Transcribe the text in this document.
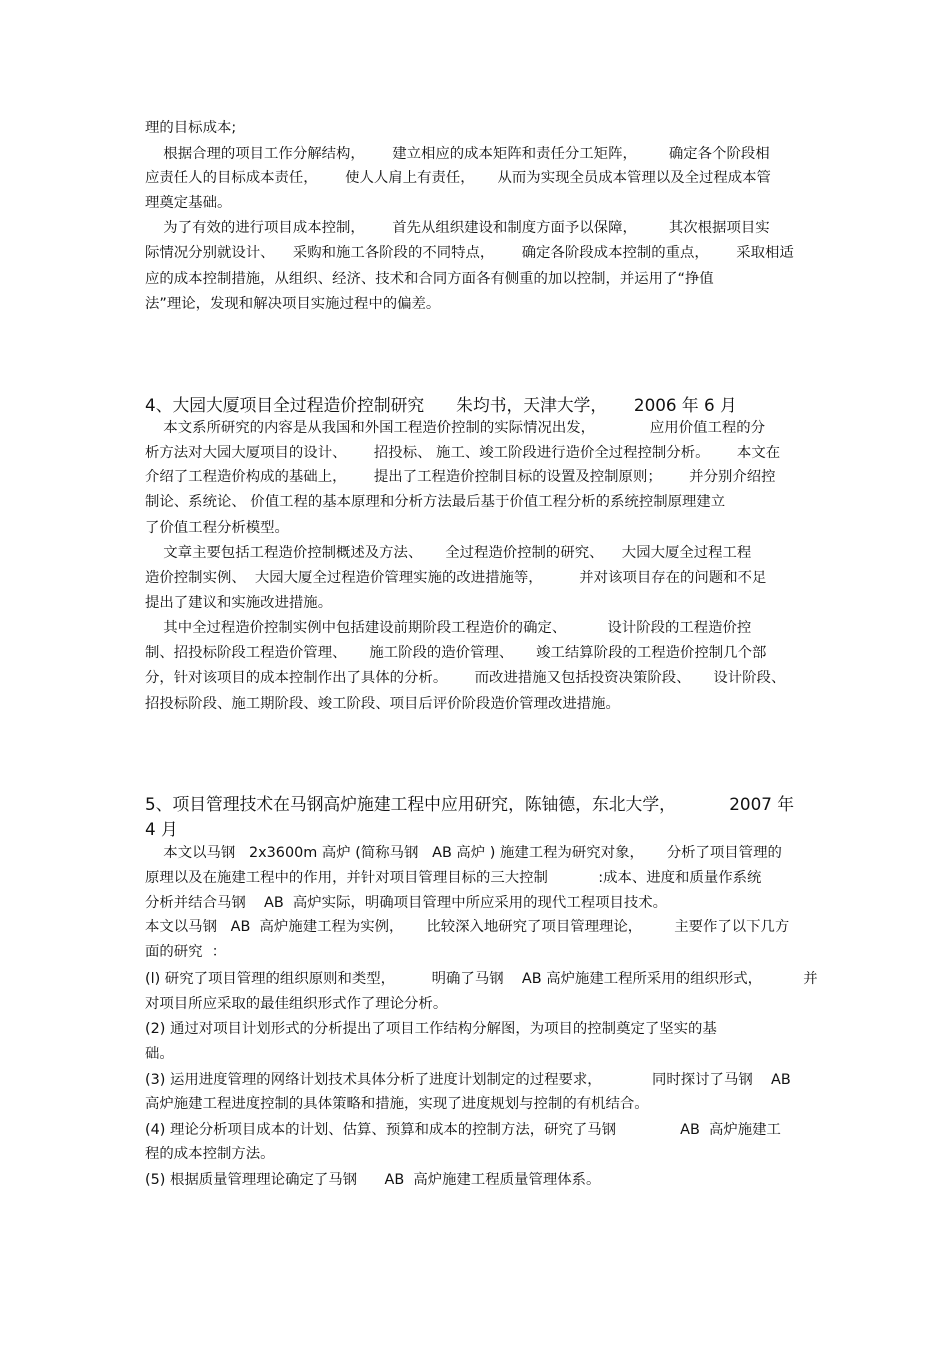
理的目标成本;
根据合理的项目工作分解结构，      建立相应的成本矩阵和责任分工矩阵，       确定各个阶段相
应责任人的目标成本责任，      使人人肩上有责任，     从而为实现全员成本管理以及全过程成本管
理奠定基础。
为了有效的进行项目成本控制，      首先从组织建设和制度方面予以保障，       其次根据项目实
际情况分别就设计、    采购和施工各阶段的不同特点，      确定各阶段成本控制的重点，      采取相适
应的成本控制措施，从组织、经济、技术和合同方面各有侧重的加以控制，并运用了“挣值
法”理论，发现和解决项目实施过程中的偏差。
4、大园大厦项目全过程造价控制研究      朱均书，天津大学，     2006 年 6 月
本文系所研究的内容是从我国和外国工程造价控制的实际情况出发，            应用价值工程的分
析方法对大园大厦项目的设计、      招投标、 施工、竣工阶段进行造价全过程控制分析。      本文在
介绍了工程造价构成的基础上，      提出了工程造价控制目标的设置及控制原则；      并分别介绍控
制论、系统论、 价值工程的基本原理和分析方法最后基于价值工程分析的系统控制原理建立
了价值工程分析模型。
文章主要包括工程造价控制概述及方法、     全过程造价控制的研究、    大园大厦全过程工程
造价控制实例、  大园大厦全过程造价管理实施的改进措施等，        并对该项目存在的问题和不足
提出了建议和实施改进措施。
其中全过程造价控制实例中包括建设前期阶段工程造价的确定、         设计阶段的工程造价控
制、招投标阶段工程造价管理、     施工阶段的造价管理、     竣工结算阶段的工程造价控制几个部
分，针对该项目的成本控制作出了具体的分析。      而改进措施又包括投资决策阶段、     设计阶段、
招投标阶段、施工期阶段、竣工阶段、项目后评价阶段造价管理改进措施。
5、项目管理技术在马钢高炉施建工程中应用研究，陈铀德，东北大学，          2007 年
4 月
本文以马钢   2x3600m 高炉 (简称马钢   AB 高炉 ) 施建工程为研究对象，     分析了项目管理的
原理以及在施建工程中的作用，并针对项目管理目标的三大控制           :成本、进度和质量作系统
分析并结合马钢    AB  高炉实际，明确项目管理中所应采用的现代工程项目技术。
本文以马钢   AB  高炉施建工程为实例，     比较深入地研究了项目管理理论，       主要作了以下几方
面的研究  ：
(l) 研究了项目管理的组织原则和类型，        明确了马钢    AB 高炉施建工程所采用的组织形式，         并
对项目所应采取的最佳组织形式作了理论分析。
(2) 通过对项目计划形式的分析提出了项目工作结构分解图，为项目的控制奠定了坚实的基
础。
(3) 运用进度管理的网络计划技术具体分析了进度计划制定的过程要求，           同时探讨了马钢    AB
高炉施建工程进度控制的具体策略和措施，实现了进度规划与控制的有机结合。
(4) 理论分析项目成本的计划、估算、预算和成本的控制方法，研究了马钢              AB  高炉施建工
程的成本控制方法。
(5) 根据质量管理理论确定了马钢      AB  高炉施建工程质量管理体系。
